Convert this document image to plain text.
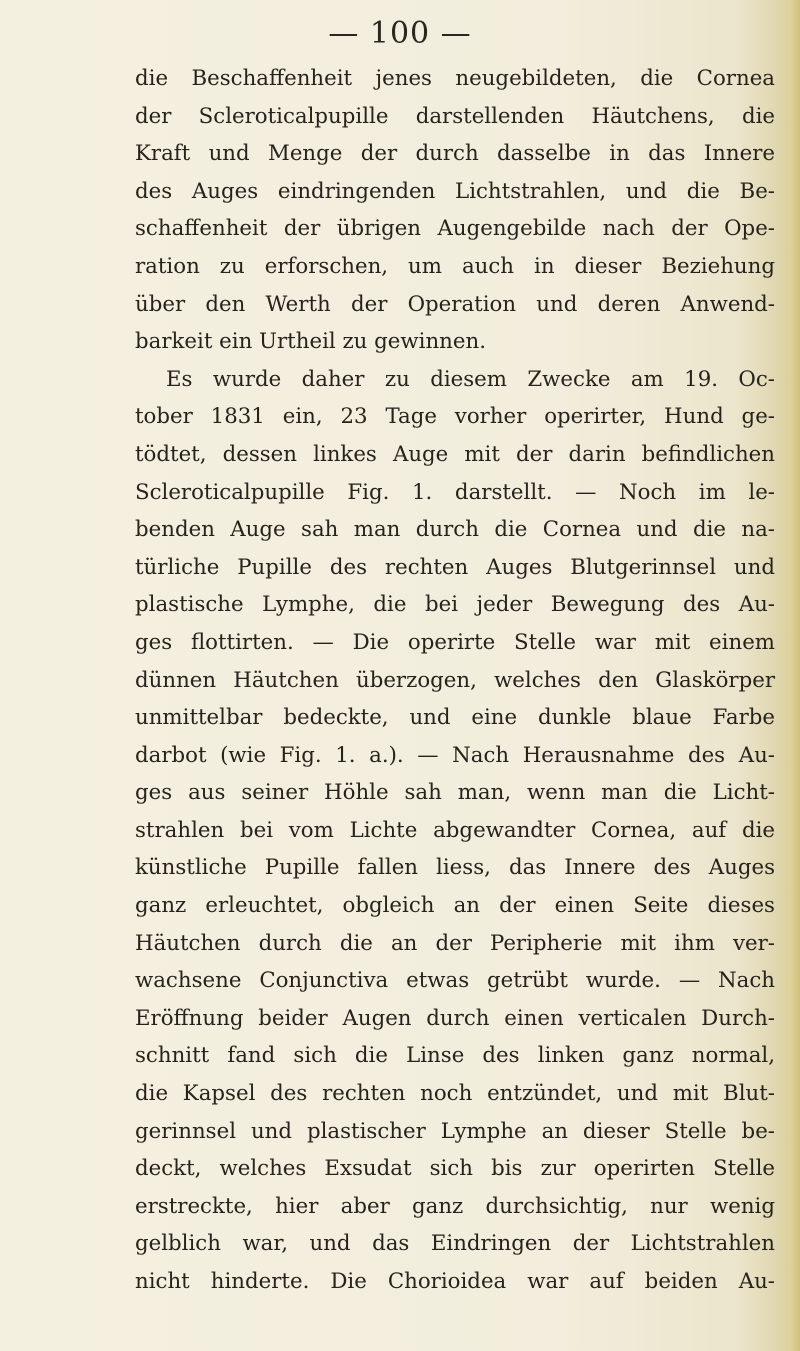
— 100 —
die Beschaffenheit jenes neugebildeten, die Cornea
der Scleroticalpupille darstellenden Häutchens, die
Kraft und Menge der durch dasselbe in das Innere
des Auges eindringenden Lichtstrahlen, und die Be-
schaffenheit der übrigen Augengebilde nach der Ope-
ration zu erforschen, um auch in dieser Beziehung
über den Werth der Operation und deren Anwend-
barkeit ein Urtheil zu gewinnen.
Es wurde daher zu diesem Zwecke am 19. Oc-
tober 1831 ein, 23 Tage vorher operirter, Hund ge-
tödtet, dessen linkes Auge mit der darin befindlichen
Scleroticalpupille Fig. 1. darstellt. — Noch im le-
benden Auge sah man durch die Cornea und die na-
türliche Pupille des rechten Auges Blutgerinnsel und
plastische Lymphe, die bei jeder Bewegung des Au-
ges flottirten. — Die operirte Stelle war mit einem
dünnen Häutchen überzogen, welches den Glaskörper
unmittelbar bedeckte, und eine dunkle blaue Farbe
darbot (wie Fig. 1. a.). — Nach Herausnahme des Au-
ges aus seiner Höhle sah man, wenn man die Licht-
strahlen bei vom Lichte abgewandter Cornea, auf die
künstliche Pupille fallen liess, das Innere des Auges
ganz erleuchtet, obgleich an der einen Seite dieses
Häutchen durch die an der Peripherie mit ihm ver-
wachsene Conjunctiva etwas getrübt wurde. — Nach
Eröffnung beider Augen durch einen verticalen Durch-
schnitt fand sich die Linse des linken ganz normal,
die Kapsel des rechten noch entzündet, und mit Blut-
gerinnsel und plastischer Lymphe an dieser Stelle be-
deckt, welches Exsudat sich bis zur operirten Stelle
erstreckte, hier aber ganz durchsichtig, nur wenig
gelblich war, und das Eindringen der Lichtstrahlen
nicht hinderte. Die Chorioidea war auf beiden Au-
